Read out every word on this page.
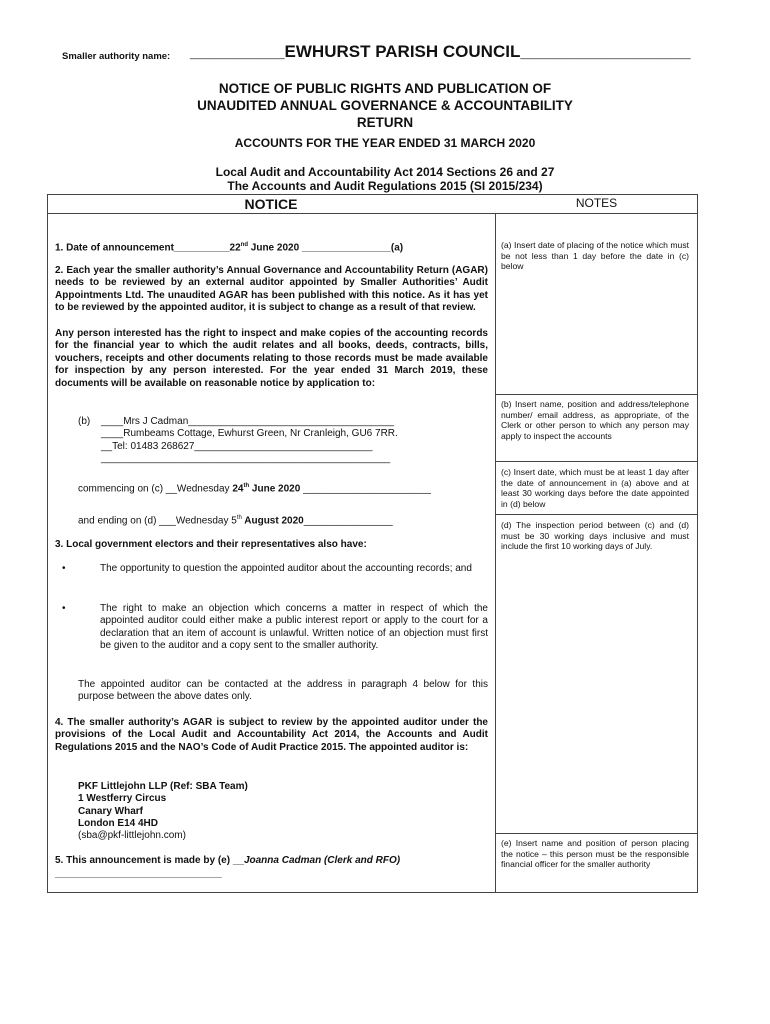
Smaller authority name: __________EWHURST PARISH COUNCIL__________________
NOTICE OF PUBLIC RIGHTS AND PUBLICATION OF
UNAUDITED ANNUAL GOVERNANCE & ACCOUNTABILITY
RETURN
ACCOUNTS FOR THE YEAR ENDED 31 MARCH 2020
Local Audit and Accountability Act 2014 Sections 26 and 27
The Accounts and Audit Regulations 2015 (SI 2015/234)
NOTICE	NOTES
1. Date of announcement__________22nd June 2020 ________________(a)
2. Each year the smaller authority’s Annual Governance and Accountability Return (AGAR) needs to be reviewed by an external auditor appointed by Smaller Authorities’ Audit Appointments Ltd. The unaudited AGAR has been published with this notice. As it has yet to be reviewed by the appointed auditor, it is subject to change as a result of that review.
Any person interested has the right to inspect and make copies of the accounting records for the financial year to which the audit relates and all books, deeds, contracts, bills, vouchers, receipts and other documents relating to those records must be made available for inspection by any person interested. For the year ended 31 March 2019, these documents will be available on reasonable notice by application to:
(b) ____Mrs J Cadman_____________________________________
____Rumbeams Cottage, Ewhurst Green, Nr Cranleigh, GU6 7RR.
__Tel: 01483 268627________________________________
____________________________________________________
commencing on (c) __Wednesday 24th June 2020 _______________________
and ending on (d) ___Wednesday 5th August 2020________________
3. Local government electors and their representatives also have:
•	The opportunity to question the appointed auditor about the accounting records; and
•	The right to make an objection which concerns a matter in respect of which the appointed auditor could either make a public interest report or apply to the court for a declaration that an item of account is unlawful. Written notice of an objection must first be given to the auditor and a copy sent to the smaller authority.
The appointed auditor can be contacted at the address in paragraph 4 below for this purpose between the above dates only.
4. The smaller authority’s AGAR is subject to review by the appointed auditor under the provisions of the Local Audit and Accountability Act 2014, the Accounts and Audit Regulations 2015 and the NAO’s Code of Audit Practice 2015. The appointed auditor is:
PKF Littlejohn LLP (Ref: SBA Team)
1 Westferry Circus
Canary Wharf
London E14 4HD
(sba@pkf-littlejohn.com)
5. This announcement is made by (e) __Joanna Cadman (Clerk and RFO)
______________________________
(a) Insert date of placing of the notice which must be not less than 1 day before the date in (c) below
(b) Insert name, position and address/telephone number/ email address, as appropriate, of the Clerk or other person to which any person may apply to inspect the accounts
(c) Insert date, which must be at least 1 day after the date of announcement in (a) above and at least 30 working days before the date appointed in (d) below
(d) The inspection period between (c) and (d) must be 30 working days inclusive and must include the first 10 working days of July.
(e) Insert name and position of person placing the notice – this person must be the responsible financial officer for the smaller authority
